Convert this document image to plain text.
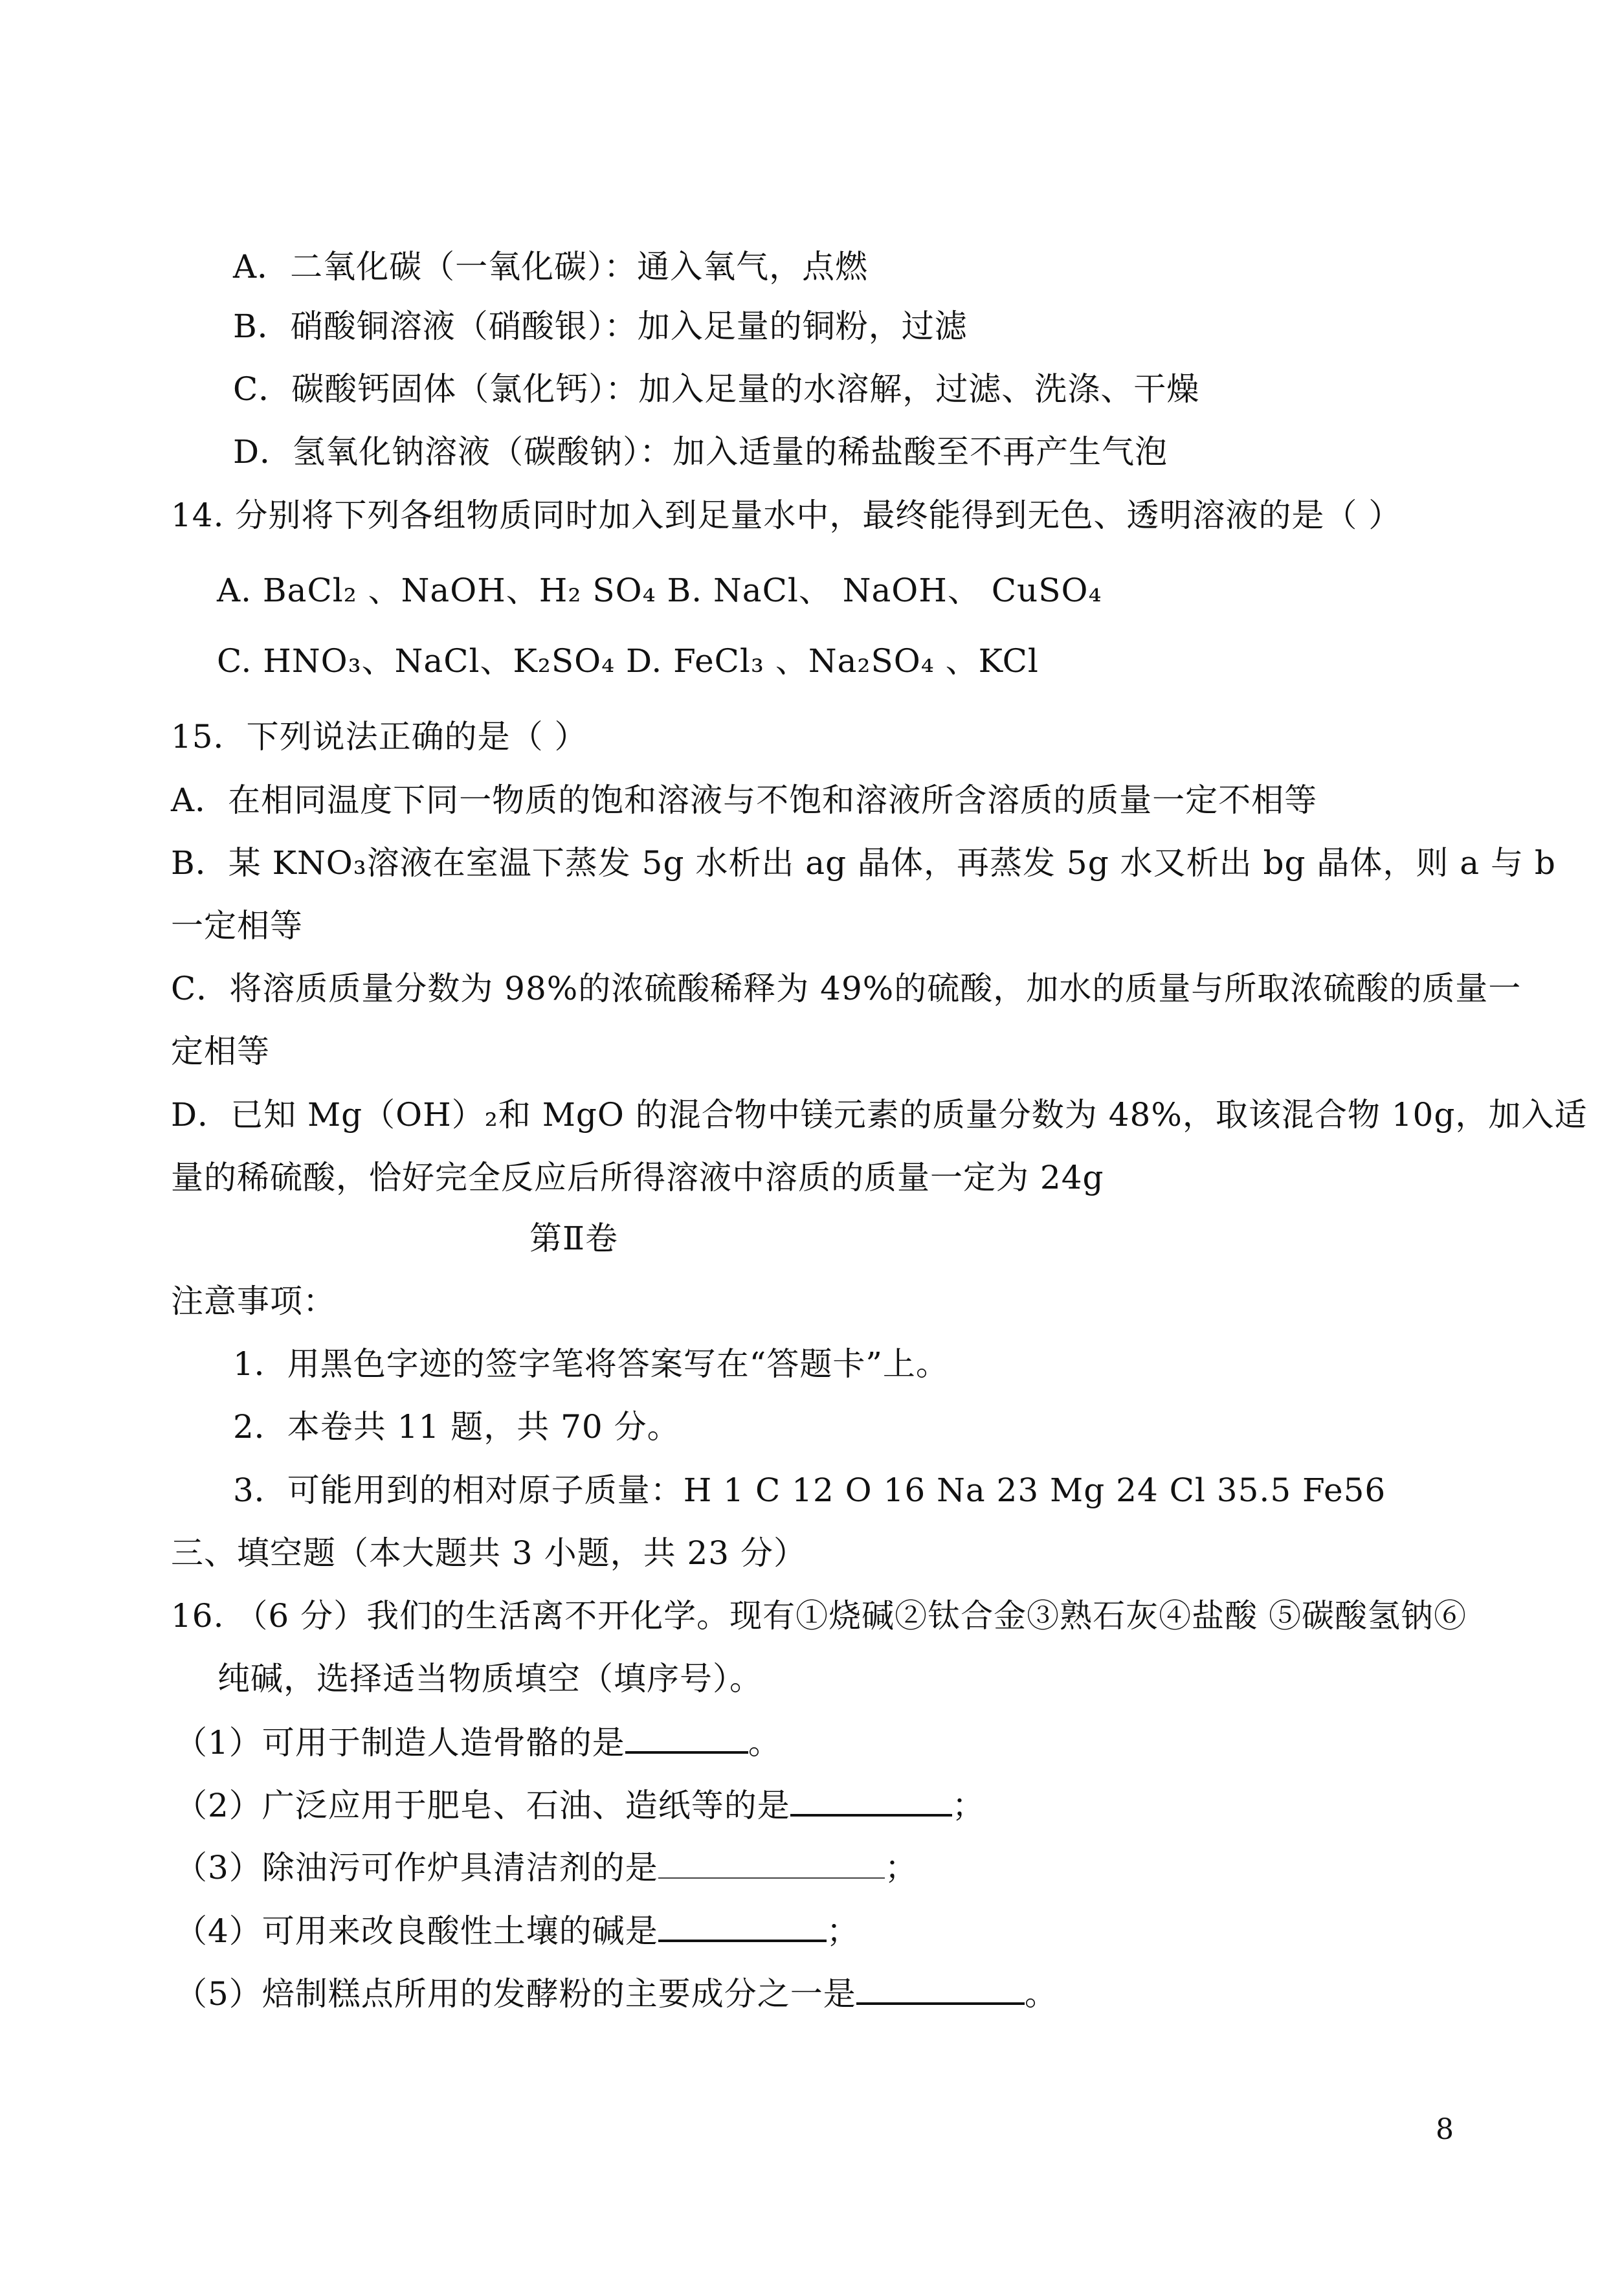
A．二氧化碳（一氧化碳）：通入氧气，点燃

B．硝酸铜溶液（硝酸银）：加入足量的铜粉，过滤

C．碳酸钙固体（氯化钙）：加入足量的水溶解，过滤、洗涤、干燥

D．氢氧化钠溶液（碳酸钠）：加入适量的稀盐酸至不再产生气泡

14. 分别将下列各组物质同时加入到足量水中，最终能得到无色、透明溶液的是（ ）

A. BaCl₂ 、NaOH、H₂ SO₄ B. NaCl、 NaOH、 CuSO₄

C. HNO₃、NaCl、K₂SO₄ D. FeCl₃ 、Na₂SO₄ 、KCl

15．下列说法正确的是（ ）

A．在相同温度下同一物质的饱和溶液与不饱和溶液所含溶质的质量一定不相等

B．某 KNO₃溶液在室温下蒸发 5g 水析出 ag 晶体，再蒸发 5g 水又析出 bg 晶体，则 a 与 b

一定相等

C．将溶质质量分数为 98%的浓硫酸稀释为 49%的硫酸，加水的质量与所取浓硫酸的质量一

定相等

D．已知 Mg（OH）₂和 MgO 的混合物中镁元素的质量分数为 48%，取该混合物 10g，加入适

量的稀硫酸，恰好完全反应后所得溶液中溶质的质量一定为 24g

第Ⅱ卷

注意事项：

1．用黑色字迹的签字笔将答案写在“答题卡”上。

2．本卷共 11 题，共 70 分。

3．可能用到的相对原子质量：H 1 C 12 O 16 Na 23 Mg 24 Cl 35.5 Fe56

三、填空题（本大题共 3 小题，共 23 分）

16. （6 分）我们的生活离不开化学。现有①烧碱②钛合金③熟石灰④盐酸 ⑤碳酸氢钠⑥

纯碱，选择适当物质填空（填序号）。

（1）可用于制造人造骨骼的是	。

（2）广泛应用于肥皂、石油、造纸等的是	；

（3）除油污可作炉具清洁剂的是	；

（4）可用来改良酸性土壤的碱是	；

（5）焙制糕点所用的发酵粉的主要成分之一是	。

8
